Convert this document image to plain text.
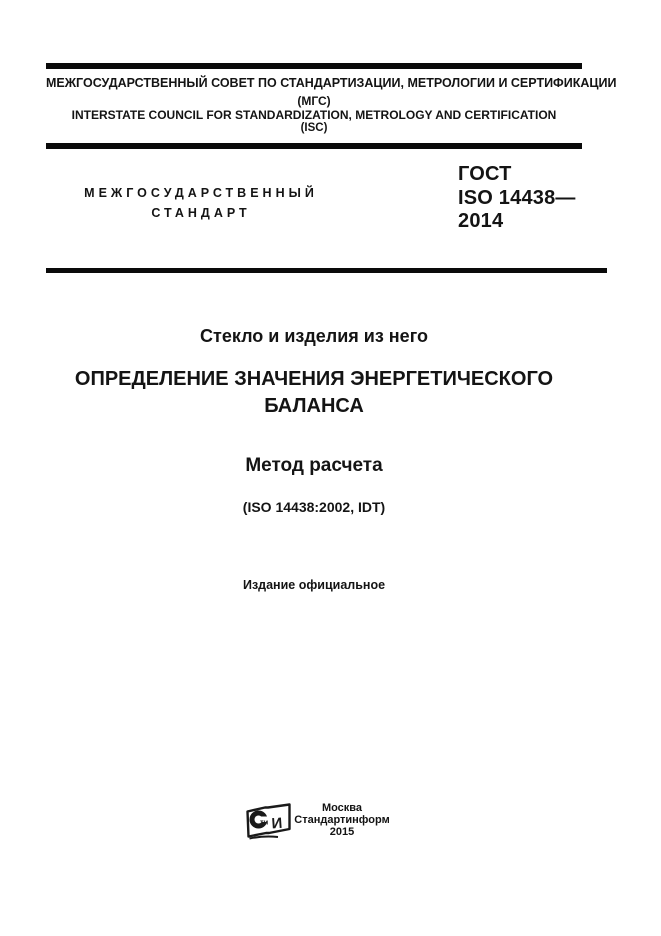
МЕЖГОСУДАРСТВЕННЫЙ СОВЕТ ПО СТАНДАРТИЗАЦИИ, МЕТРОЛОГИИ И СЕРТИФИКАЦИИ
(МГС)
INTERSTATE COUNCIL FOR STANDARDIZATION, METROLOGY AND CERTIFICATION
(ISC)
МЕЖГОСУДАРСТВЕННЫЙ
СТАНДАРТ
ГОСТ
ISO 14438—
2014
Стекло и изделия из него
ОПРЕДЕЛЕНИЕ ЗНАЧЕНИЯ ЭНЕРГЕТИЧЕСКОГО
БАЛАНСА
Метод расчета
(ISO 14438:2002, IDT)
Издание официальное
ти И
Москва
Стандартинформ
2015
